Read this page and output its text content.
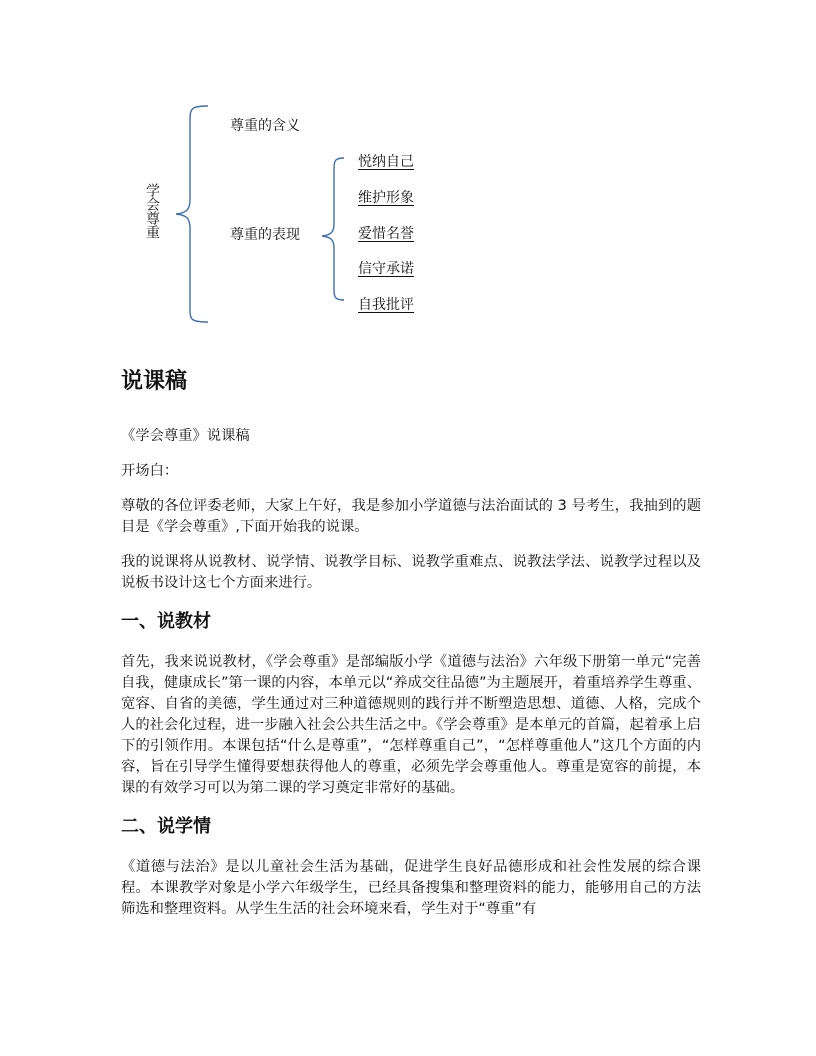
学会尊重
尊重的含义
尊重的表现
悦纳自己
维护形象
爱惜名誉
信守承诺
自我批评
说课稿

《学会尊重》说课稿

开场白：

尊敬的各位评委老师，大家上午好，我是参加小学道德与法治面试的 3 号考生，我抽到的题目是《学会尊重》,下面开始我的说课。

我的说课将从说教材、说学情、说教学目标、说教学重难点、说教法学法、说教学过程以及说板书设计这七个方面来进行。

一、说教材

首先，我来说说教材，《学会尊重》是部编版小学《道德与法治》六年级下册第一单元“完善自我，健康成长”第一课的内容，本单元以“养成交往品德”为主题展开，着重培养学生尊重、宽容、自省的美德，学生通过对三种道德规则的践行并不断塑造思想、道德、人格，完成个人的社会化过程，进一步融入社会公共生活之中。《学会尊重》是本单元的首篇，起着承上启下的引领作用。本课包括“什么是尊重”，“怎样尊重自己”，“怎样尊重他人”这几个方面的内容，旨在引导学生懂得要想获得他人的尊重，必须先学会尊重他人。尊重是宽容的前提，本课的有效学习可以为第二课的学习奠定非常好的基础。

二、说学情

《道德与法治》是以儿童社会生活为基础，促进学生良好品德形成和社会性发展的综合课程。本课教学对象是小学六年级学生，已经具备搜集和整理资料的能力，能够用自己的方法筛选和整理资料。从学生生活的社会环境来看，学生对于“尊重”有
